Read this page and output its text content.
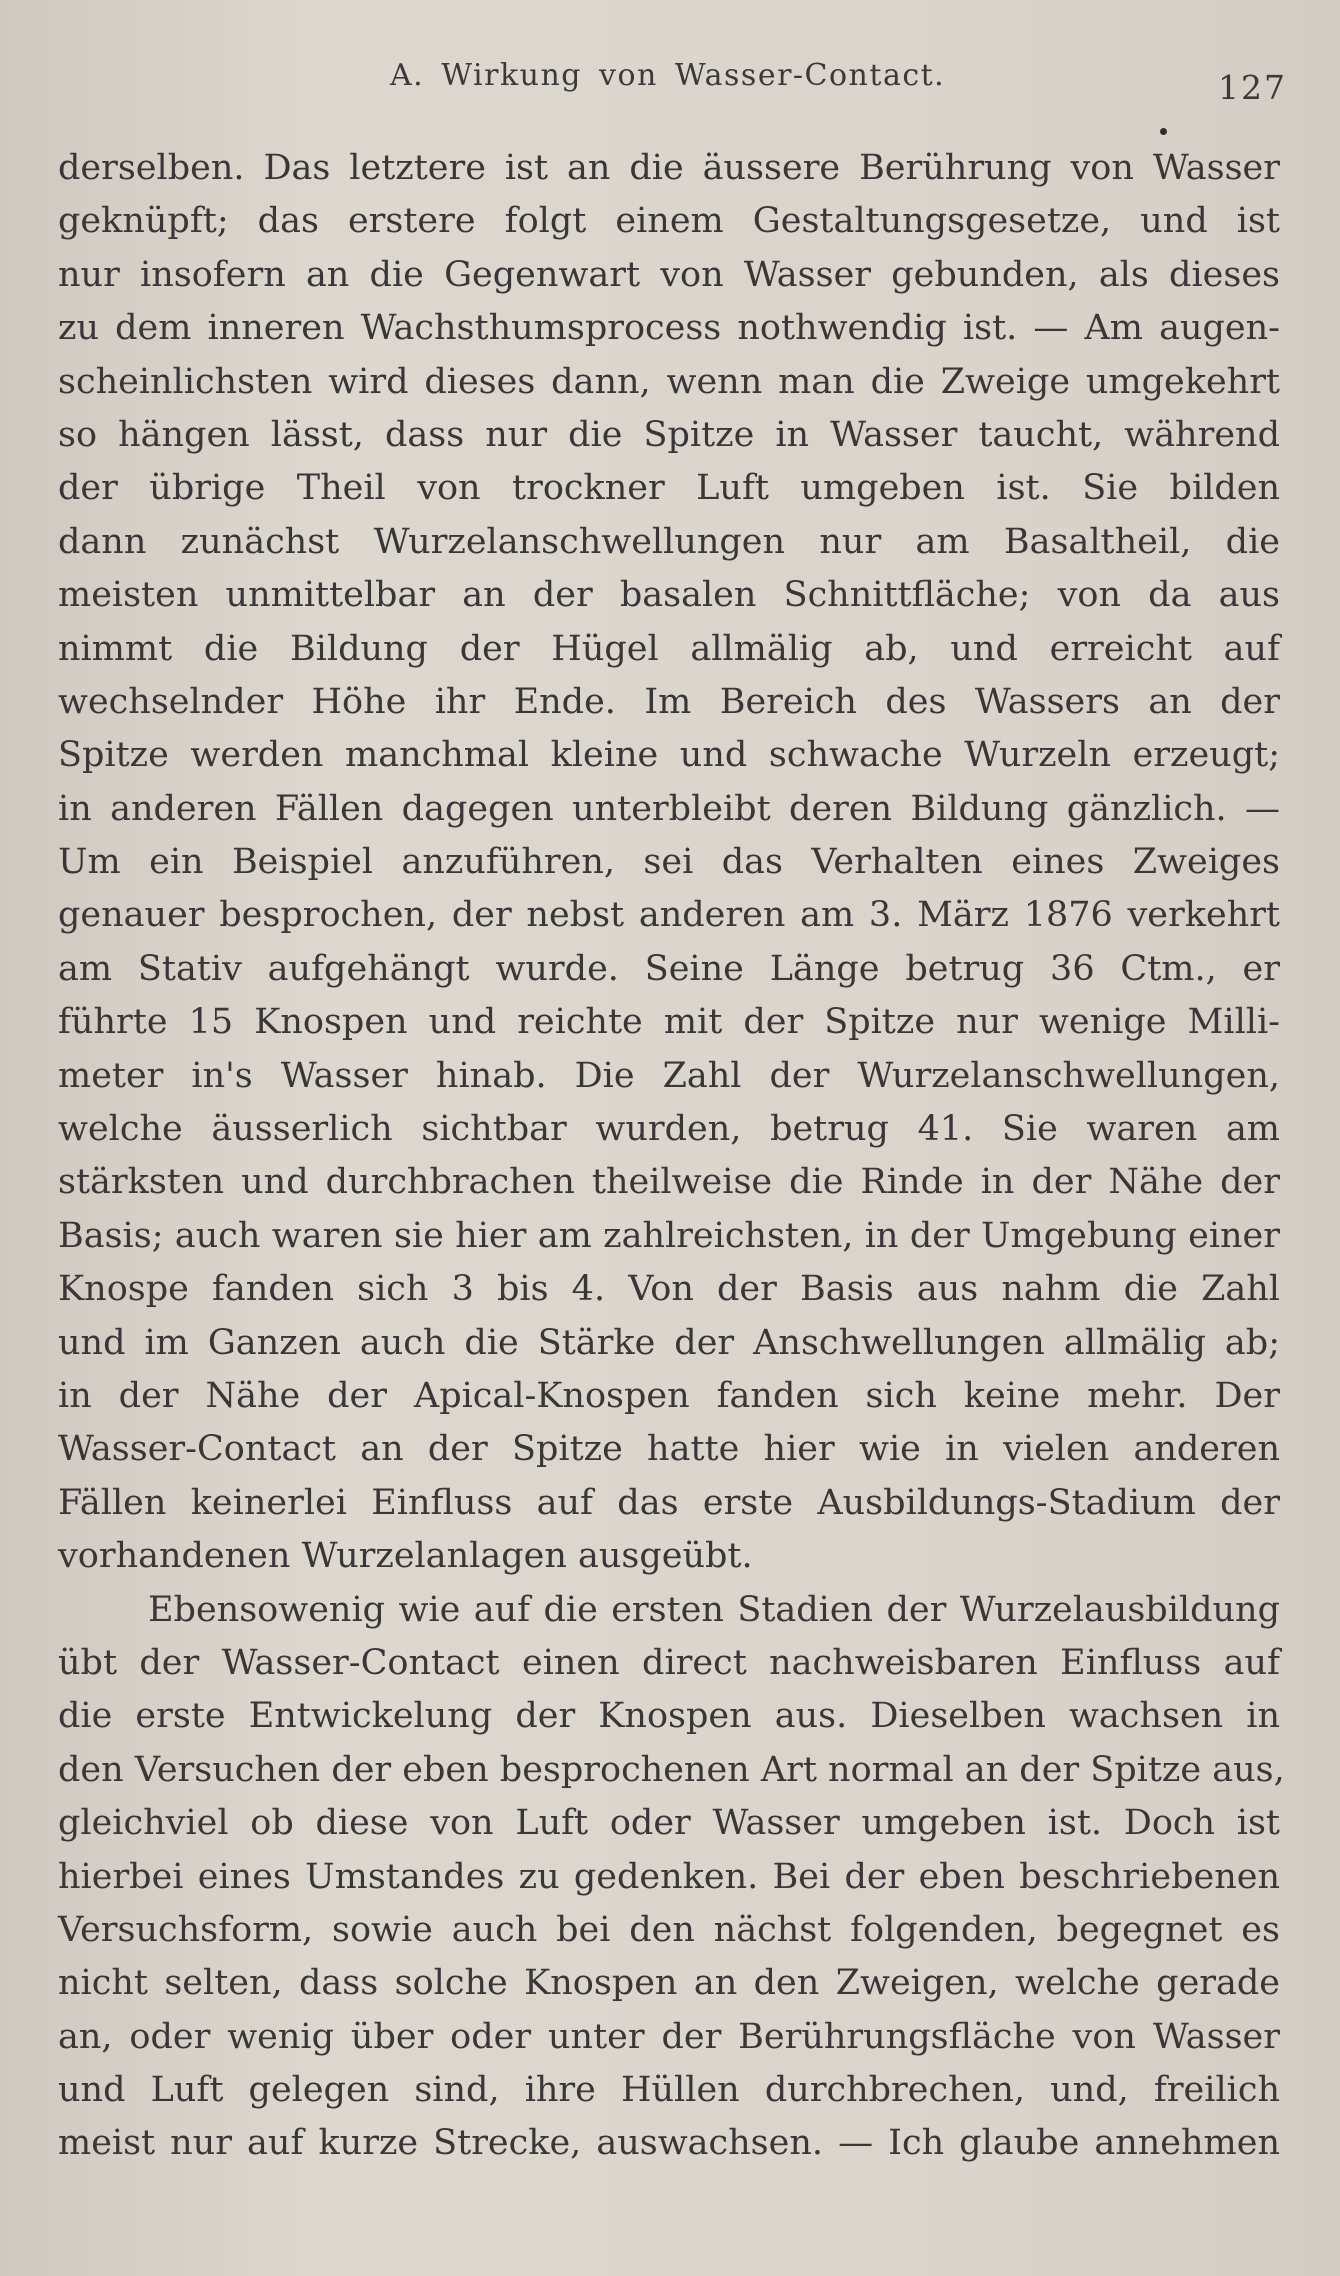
A. Wirkung von Wasser-Contact.	127
derselben. Das letztere ist an die äussere Berührung von Wasser
geknüpft; das erstere folgt einem Gestaltungsgesetze, und ist
nur insofern an die Gegenwart von Wasser gebunden, als dieses
zu dem inneren Wachsthumsprocess nothwendig ist. — Am augen-
scheinlichsten wird dieses dann, wenn man die Zweige umgekehrt
so hängen lässt, dass nur die Spitze in Wasser taucht, während
der übrige Theil von trockner Luft umgeben ist. Sie bilden
dann zunächst Wurzelanschwellungen nur am Basaltheil, die
meisten unmittelbar an der basalen Schnittfläche; von da aus
nimmt die Bildung der Hügel allmälig ab, und erreicht auf
wechselnder Höhe ihr Ende. Im Bereich des Wassers an der
Spitze werden manchmal kleine und schwache Wurzeln erzeugt;
in anderen Fällen dagegen unterbleibt deren Bildung gänzlich. —
Um ein Beispiel anzuführen, sei das Verhalten eines Zweiges
genauer besprochen, der nebst anderen am 3. März 1876 verkehrt
am Stativ aufgehängt wurde. Seine Länge betrug 36 Ctm., er
führte 15 Knospen und reichte mit der Spitze nur wenige Milli-
meter in's Wasser hinab. Die Zahl der Wurzelanschwellungen,
welche äusserlich sichtbar wurden, betrug 41. Sie waren am
stärksten und durchbrachen theilweise die Rinde in der Nähe der
Basis; auch waren sie hier am zahlreichsten, in der Umgebung einer
Knospe fanden sich 3 bis 4. Von der Basis aus nahm die Zahl
und im Ganzen auch die Stärke der Anschwellungen allmälig ab;
in der Nähe der Apical-Knospen fanden sich keine mehr. Der
Wasser-Contact an der Spitze hatte hier wie in vielen anderen
Fällen keinerlei Einfluss auf das erste Ausbildungs-Stadium der
vorhandenen Wurzelanlagen ausgeübt.
Ebensowenig wie auf die ersten Stadien der Wurzelausbildung
übt der Wasser-Contact einen direct nachweisbaren Einfluss auf
die erste Entwickelung der Knospen aus. Dieselben wachsen in
den Versuchen der eben besprochenen Art normal an der Spitze aus,
gleichviel ob diese von Luft oder Wasser umgeben ist. Doch ist
hierbei eines Umstandes zu gedenken. Bei der eben beschriebenen
Versuchsform, sowie auch bei den nächst folgenden, begegnet es
nicht selten, dass solche Knospen an den Zweigen, welche gerade
an, oder wenig über oder unter der Berührungsfläche von Wasser
und Luft gelegen sind, ihre Hüllen durchbrechen, und, freilich
meist nur auf kurze Strecke, auswachsen. — Ich glaube annehmen
